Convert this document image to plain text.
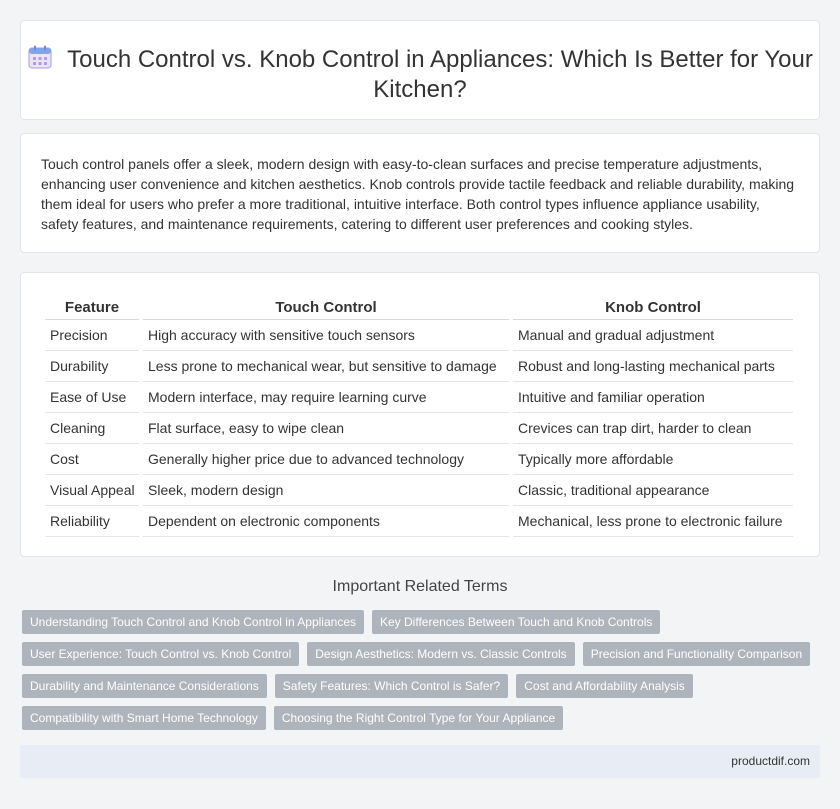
Touch Control vs. Knob Control in Appliances: Which Is Better for Your Kitchen?

Touch control panels offer a sleek, modern design with easy-to-clean surfaces and precise temperature adjustments, enhancing user convenience and kitchen aesthetics. Knob controls provide tactile feedback and reliable durability, making them ideal for users who prefer a more traditional, intuitive interface. Both control types influence appliance usability, safety features, and maintenance requirements, catering to different user preferences and cooking styles.

Feature	Touch Control	Knob Control
Precision	High accuracy with sensitive touch sensors	Manual and gradual adjustment
Durability	Less prone to mechanical wear, but sensitive to damage	Robust and long-lasting mechanical parts
Ease of Use	Modern interface, may require learning curve	Intuitive and familiar operation
Cleaning	Flat surface, easy to wipe clean	Crevices can trap dirt, harder to clean
Cost	Generally higher price due to advanced technology	Typically more affordable
Visual Appeal	Sleek, modern design	Classic, traditional appearance
Reliability	Dependent on electronic components	Mechanical, less prone to electronic failure
Important Related Terms
Understanding Touch Control and Knob Control in Appliances	Key Differences Between Touch and Knob Controls
User Experience: Touch Control vs. Knob Control	Design Aesthetics: Modern vs. Classic Controls	Precision and Functionality Comparison
Durability and Maintenance Considerations	Safety Features: Which Control is Safer?	Cost and Affordability Analysis
Compatibility with Smart Home Technology	Choosing the Right Control Type for Your Appliance
productdif.com
